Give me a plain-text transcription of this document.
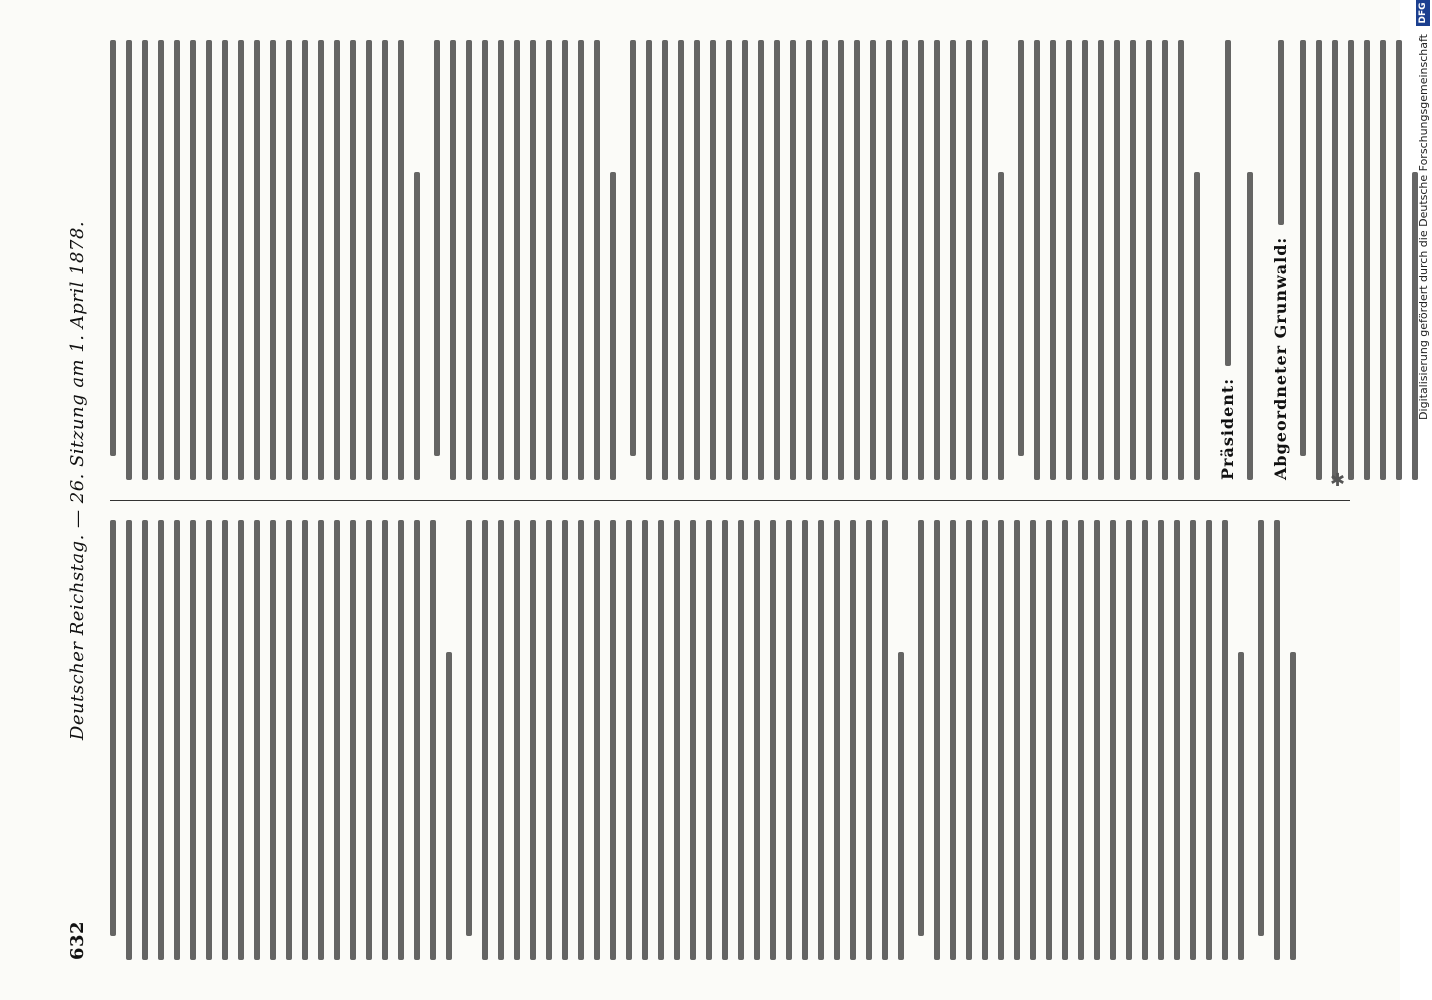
632
Deutscher Reichstag. — 26. Sitzung am 1. April 1878.	Präsident: Abgeordneter Grunwald:
✱
Digitalisierung gefördert durch die Deutsche Forschungsgemeinschaft
DFG
